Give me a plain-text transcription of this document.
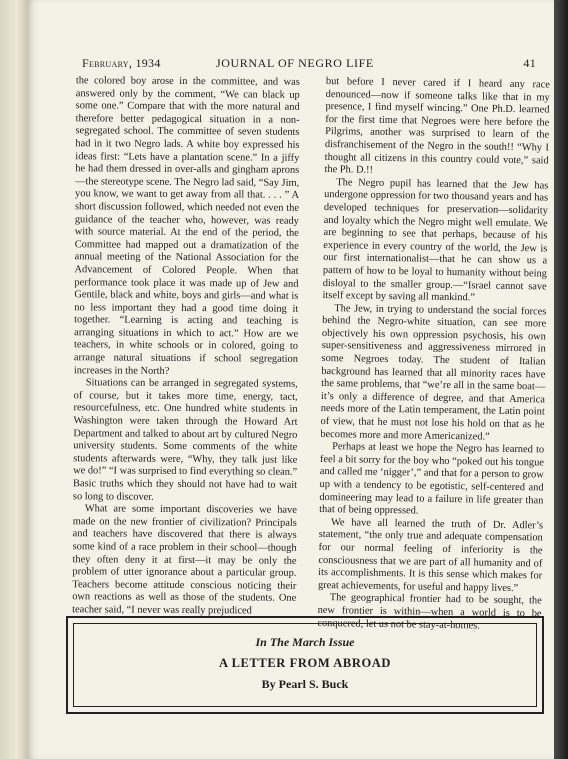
February, 1934	JOURNAL OF NEGRO LIFE	41

the colored boy arose in the committee, and was answered only by the comment, “We can black up some one.” Compare that with the more natural and therefore better pedagogical situation in a non-segregated school. The committee of seven students had in it two Negro lads. A white boy expressed his ideas first: “Lets have a plantation scene.” In a jiffy he had them dressed in over-alls and gingham aprons—the stereotype scene. The Negro lad said, “Say Jim, you know, we want to get away from all that. . . . ” A short discussion followed, which needed not even the guidance of the teacher who, however, was ready with source material. At the end of the period, the Committee had mapped out a dramatization of the annual meeting of the National Association for the Advancement of Colored People. When that performance took place it was made up of Jew and Gentile, black and white, boys and girls—and what is no less important they had a good time doing it together. “Learning is acting and teaching is arranging situations in which to act.” How are we teachers, in white schools or in colored, going to arrange natural situations if school segregation increases in the North?

Situations can be arranged in segregated systems, of course, but it takes more time, energy, tact, resourcefulness, etc. One hundred white students in Washington were taken through the Howard Art Department and talked to about art by cultured Negro university students. Some comments of the white students afterwards were, “Why, they talk just like we do!” “I was surprised to find everything so clean.” Basic truths which they should not have had to wait so long to discover.

What are some important discoveries we have made on the new frontier of civilization? Principals and teachers have discovered that there is always some kind of a race problem in their school—though they often deny it at first—it may be only the problem of utter ignorance about a particular group. Teachers become attitude conscious noticing their own reactions as well as those of the students. One teacher said, “I never was really prejudiced

but before I never cared if I heard any race denounced—now if someone talks like that in my presence, I find myself wincing.” One Ph.D. learned for the first time that Negroes were here before the Pilgrims, another was surprised to learn of the disfranchisement of the Negro in the south!! “Why I thought all citizens in this country could vote,” said the Ph. D.!!

The Negro pupil has learned that the Jew has undergone oppression for two thousand years and has developed techniques for preservation—solidarity and loyalty which the Negro might well emulate. We are beginning to see that perhaps, because of his experience in every country of the world, the Jew is our first internationalist—that he can show us a pattern of how to be loyal to humanity without being disloyal to the smaller group.—“Israel cannot save itself except by saving all mankind.”

The Jew, in trying to understand the social forces behind the Negro-white situation, can see more objectively his own oppression psychosis, his own super-sensitiveness and aggressiveness mirrored in some Negroes today. The student of Italian background has learned that all minority races have the same problems, that “we’re all in the same boat—it’s only a difference of degree, and that America needs more of the Latin temperament, the Latin point of view, that he must not lose his hold on that as he becomes more and more Americanized.”

Perhaps at least we hope the Negro has learned to feel a bit sorry for the boy who “poked out his tongue and called me ‘nigger’,” and that for a person to grow up with a tendency to be egotistic, self-centered and domineering may lead to a failure in life greater than that of being oppressed.

We have all learned the truth of Dr. Adler’s statement, “the only true and adequate compensation for our normal feeling of inferiority is the consciousness that we are part of all humanity and of its accomplishments. It is this sense which makes for great achievements, for useful and happy lives.”

The geographical frontier had to be sought, the new frontier is within—when a world is to be conquered, let us not be stay-at-homes.

In The March Issue
A LETTER FROM ABROAD
By Pearl S. Buck
